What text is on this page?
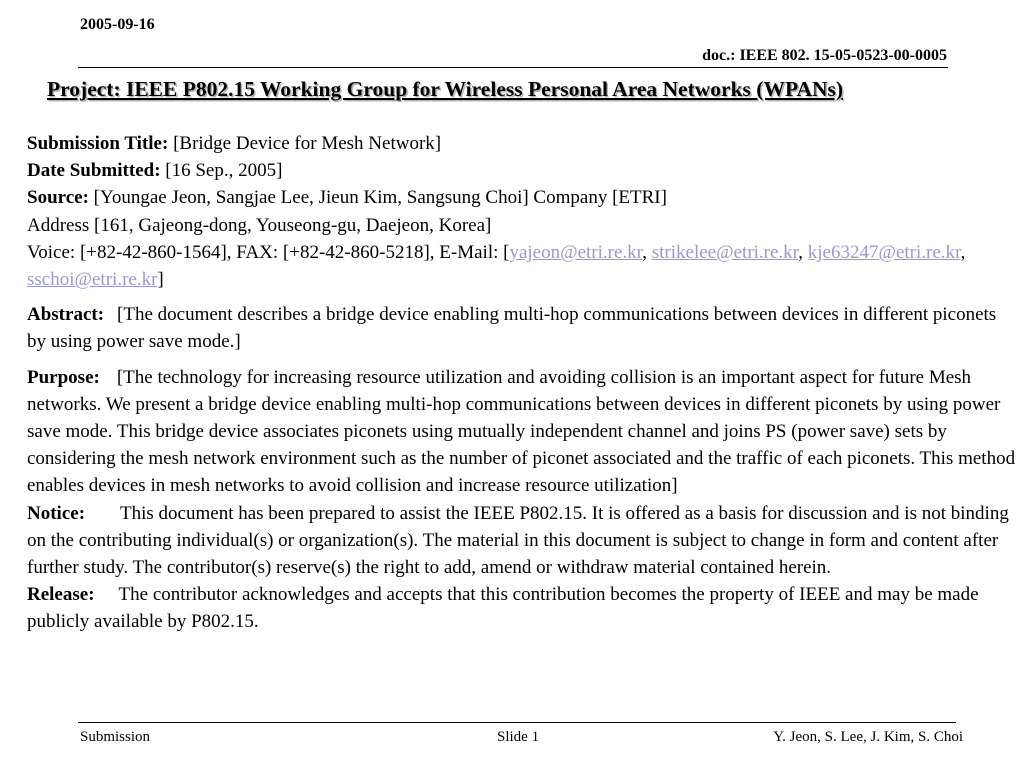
2005-09-16
doc.: IEEE 802. 15-05-0523-00-0005
Project: IEEE P802.15 Working Group for Wireless Personal Area Networks (WPANs)

Submission Title: [Bridge Device for Mesh Network]

Date Submitted: [16 Sep., 2005]

Source: [Youngae Jeon, Sangjae Lee, Jieun Kim, Sangsung Choi] Company [ETRI]

Address [161, Gajeong-dong, Youseong-gu, Daejeon, Korea]

Voice: [+82-42-860-1564], FAX: [+82-42-860-5218], E-Mail: [yajeon@etri.re.kr, strikelee@etri.re.kr, kje63247@etri.re.kr, sschoi@etri.re.kr]

Abstract: [The document describes a bridge device enabling multi-hop communications between devices in different piconets by using power save mode.]

Purpose: [The technology for increasing resource utilization and avoiding collision is an important aspect for future Mesh networks. We present a bridge device enabling multi-hop communications between devices in different piconets by using power save mode. This bridge device associates piconets using mutually independent channel and joins PS (power save) sets by considering the mesh network environment such as the number of piconet associated and the traffic of each piconets. This method enables devices in mesh networks to avoid collision and increase resource utilization]

Notice: This document has been prepared to assist the IEEE P802.15. It is offered as a basis for discussion and is not binding on the contributing individual(s) or organization(s). The material in this document is subject to change in form and content after further study. The contributor(s) reserve(s) the right to add, amend or withdraw material contained herein.

Release: The contributor acknowledges and accepts that this contribution becomes the property of IEEE and may be made publicly available by P802.15.

Submission	Slide 1	Y. Jeon, S. Lee, J. Kim, S. Choi
